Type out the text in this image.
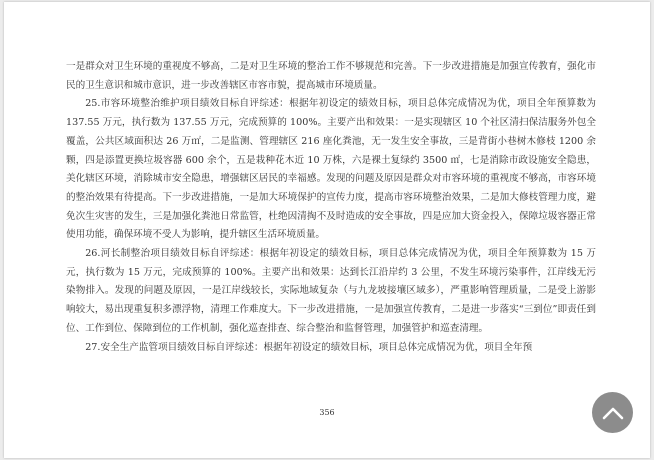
一是群众对卫生环境的重视度不够高，二是对卫生环境的整治工作不够规范和完善。下一步改进措施是加强宣传教育，强化市民的卫生意识和城市意识，进一步改善辖区市容市貌，提高城市环境质量。

25.市容环境整治维护项目绩效目标自评综述：根据年初设定的绩效目标，项目总体完成情况为优，项目全年预算数为 137.55 万元，执行数为 137.55 万元，完成预算的 100%。主要产出和效果：一是实现辖区 10 个社区清扫保洁服务外包全覆盖，公共区域面积达 26 万㎡，二是监测、管理辖区 216 座化粪池，无一发生安全事故，三是背街小巷树木修枝 1200 余颗，四是添置更换垃圾容器 600 余个，五是栽种花木近 10 万株，六是裸土复绿约 3500 ㎡，七是消除市政设施安全隐患，美化辖区环境，消除城市安全隐患，增强辖区居民的幸福感。发现的问题及原因是群众对市容环境的重视度不够高，市容环境的整治效果有待提高。下一步改进措施，一是加大环境保护的宣传力度，提高市容环境整治效果，二是加大修枝管理力度，避免次生灾害的发生，三是加强化粪池日常监管，杜绝因清掏不及时造成的安全事故，四是应加大资金投入，保障垃圾容器正常使用功能，确保环境不受人为影响，提升辖区生活环境质量。

26.河长制整治项目绩效目标自评综述：根据年初设定的绩效目标，项目总体完成情况为优，项目全年预算数为 15 万元，执行数为 15 万元，完成预算的 100%。主要产出和效果：达到长江沿岸约 3 公里，不发生环境污染事件，江岸线无污染物排入。发现的问题及原因，一是江岸线较长，实际地域复杂（与九龙坡接壤区域多），严重影响管理质量，二是受上游影响较大，易出现重复积多漂浮物，清理工作难度大。下一步改进措施，一是加强宣传教育，二是进一步落实“三到位”即责任到位、工作到位、保障到位的工作机制，强化巡查排查、综合整治和监督管理，加强管护和巡查清理。

27.安全生产监管项目绩效目标自评综述：根据年初设定的绩效目标，项目总体完成情况为优，项目全年预

356
